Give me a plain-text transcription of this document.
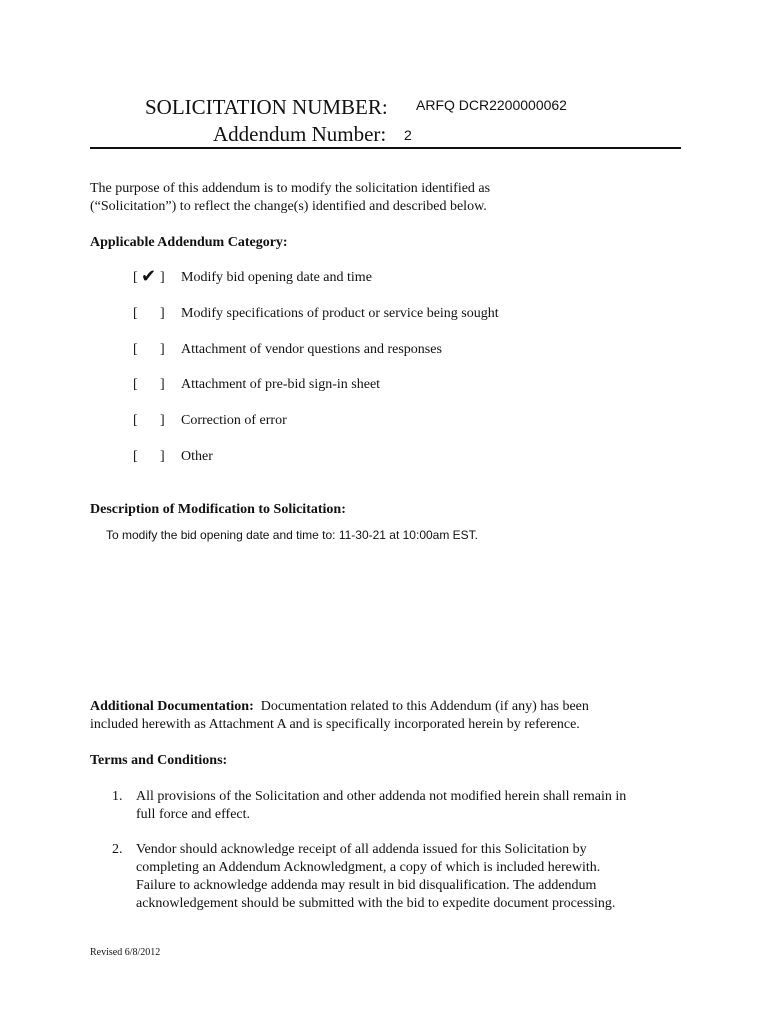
SOLICITATION NUMBER: ARFQ DCR2200000062
Addendum Number: 2
The purpose of this addendum is to modify the solicitation identified as
(“Solicitation”) to reflect the change(s) identified and described below.
Applicable Addendum Category:
[ ✔ ] Modify bid opening date and time
[ ] Modify specifications of product or service being sought
[ ] Attachment of vendor questions and responses
[ ] Attachment of pre-bid sign-in sheet
[ ] Correction of error
[ ] Other
Description of Modification to Solicitation:
To modify the bid opening date and time to: 11-30-21 at 10:00am EST.
Additional Documentation: Documentation related to this Addendum (if any) has been
included herewith as Attachment A and is specifically incorporated herein by reference.
Terms and Conditions:
1. All provisions of the Solicitation and other addenda not modified herein shall remain in
full force and effect.
2. Vendor should acknowledge receipt of all addenda issued for this Solicitation by
completing an Addendum Acknowledgment, a copy of which is included herewith.
Failure to acknowledge addenda may result in bid disqualification. The addendum
acknowledgement should be submitted with the bid to expedite document processing.
Revised 6/8/2012
